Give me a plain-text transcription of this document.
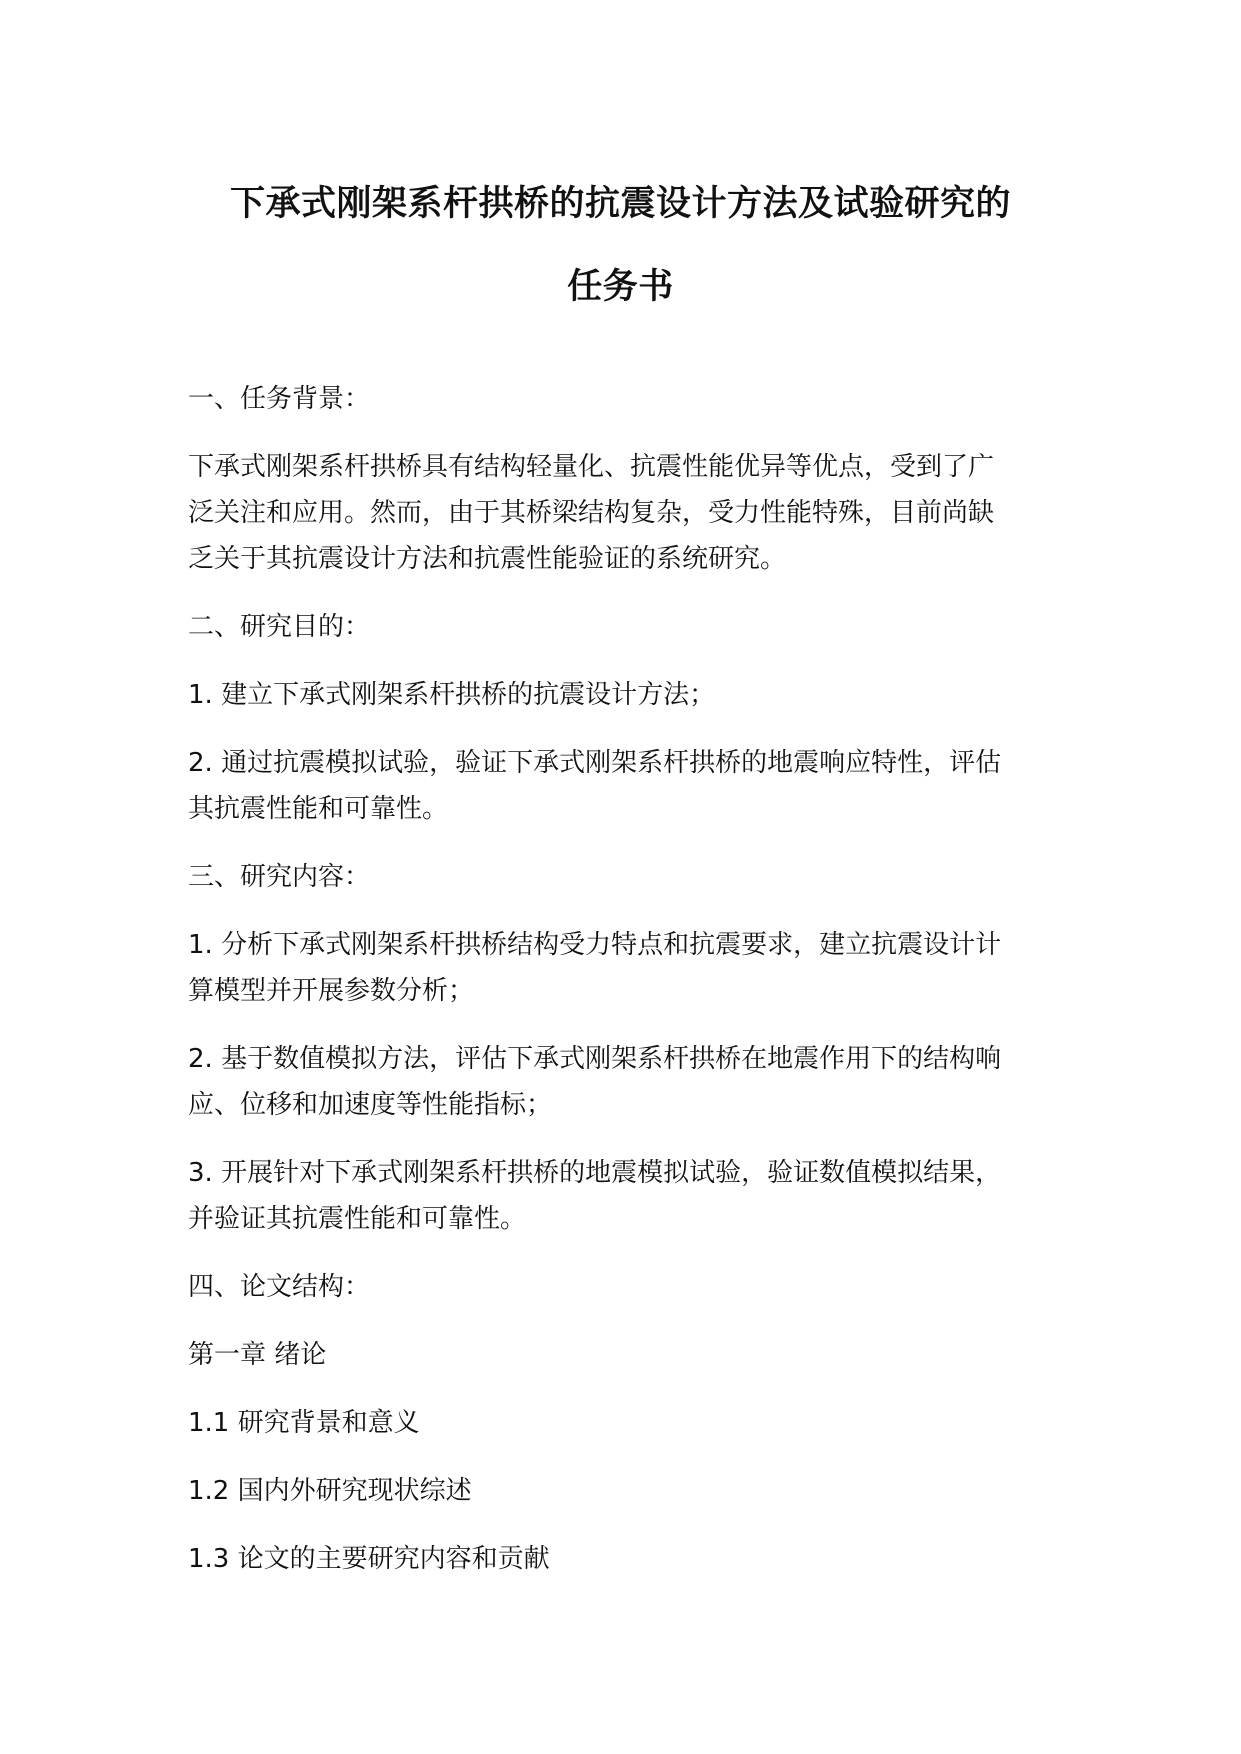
下承式刚架系杆拱桥的抗震设计方法及试验研究的
任务书

一、任务背景：

下承式刚架系杆拱桥具有结构轻量化、抗震性能优异等优点，受到了广
泛关注和应用。然而，由于其桥梁结构复杂，受力性能特殊，目前尚缺
乏关于其抗震设计方法和抗震性能验证的系统研究。

二、研究目的：

1. 建立下承式刚架系杆拱桥的抗震设计方法；

2. 通过抗震模拟试验，验证下承式刚架系杆拱桥的地震响应特性，评估
其抗震性能和可靠性。

三、研究内容：

1. 分析下承式刚架系杆拱桥结构受力特点和抗震要求，建立抗震设计计
算模型并开展参数分析；

2. 基于数值模拟方法，评估下承式刚架系杆拱桥在地震作用下的结构响
应、位移和加速度等性能指标；

3. 开展针对下承式刚架系杆拱桥的地震模拟试验，验证数值模拟结果，
并验证其抗震性能和可靠性。

四、论文结构：

第一章 绪论

1.1 研究背景和意义

1.2 国内外研究现状综述

1.3 论文的主要研究内容和贡献
